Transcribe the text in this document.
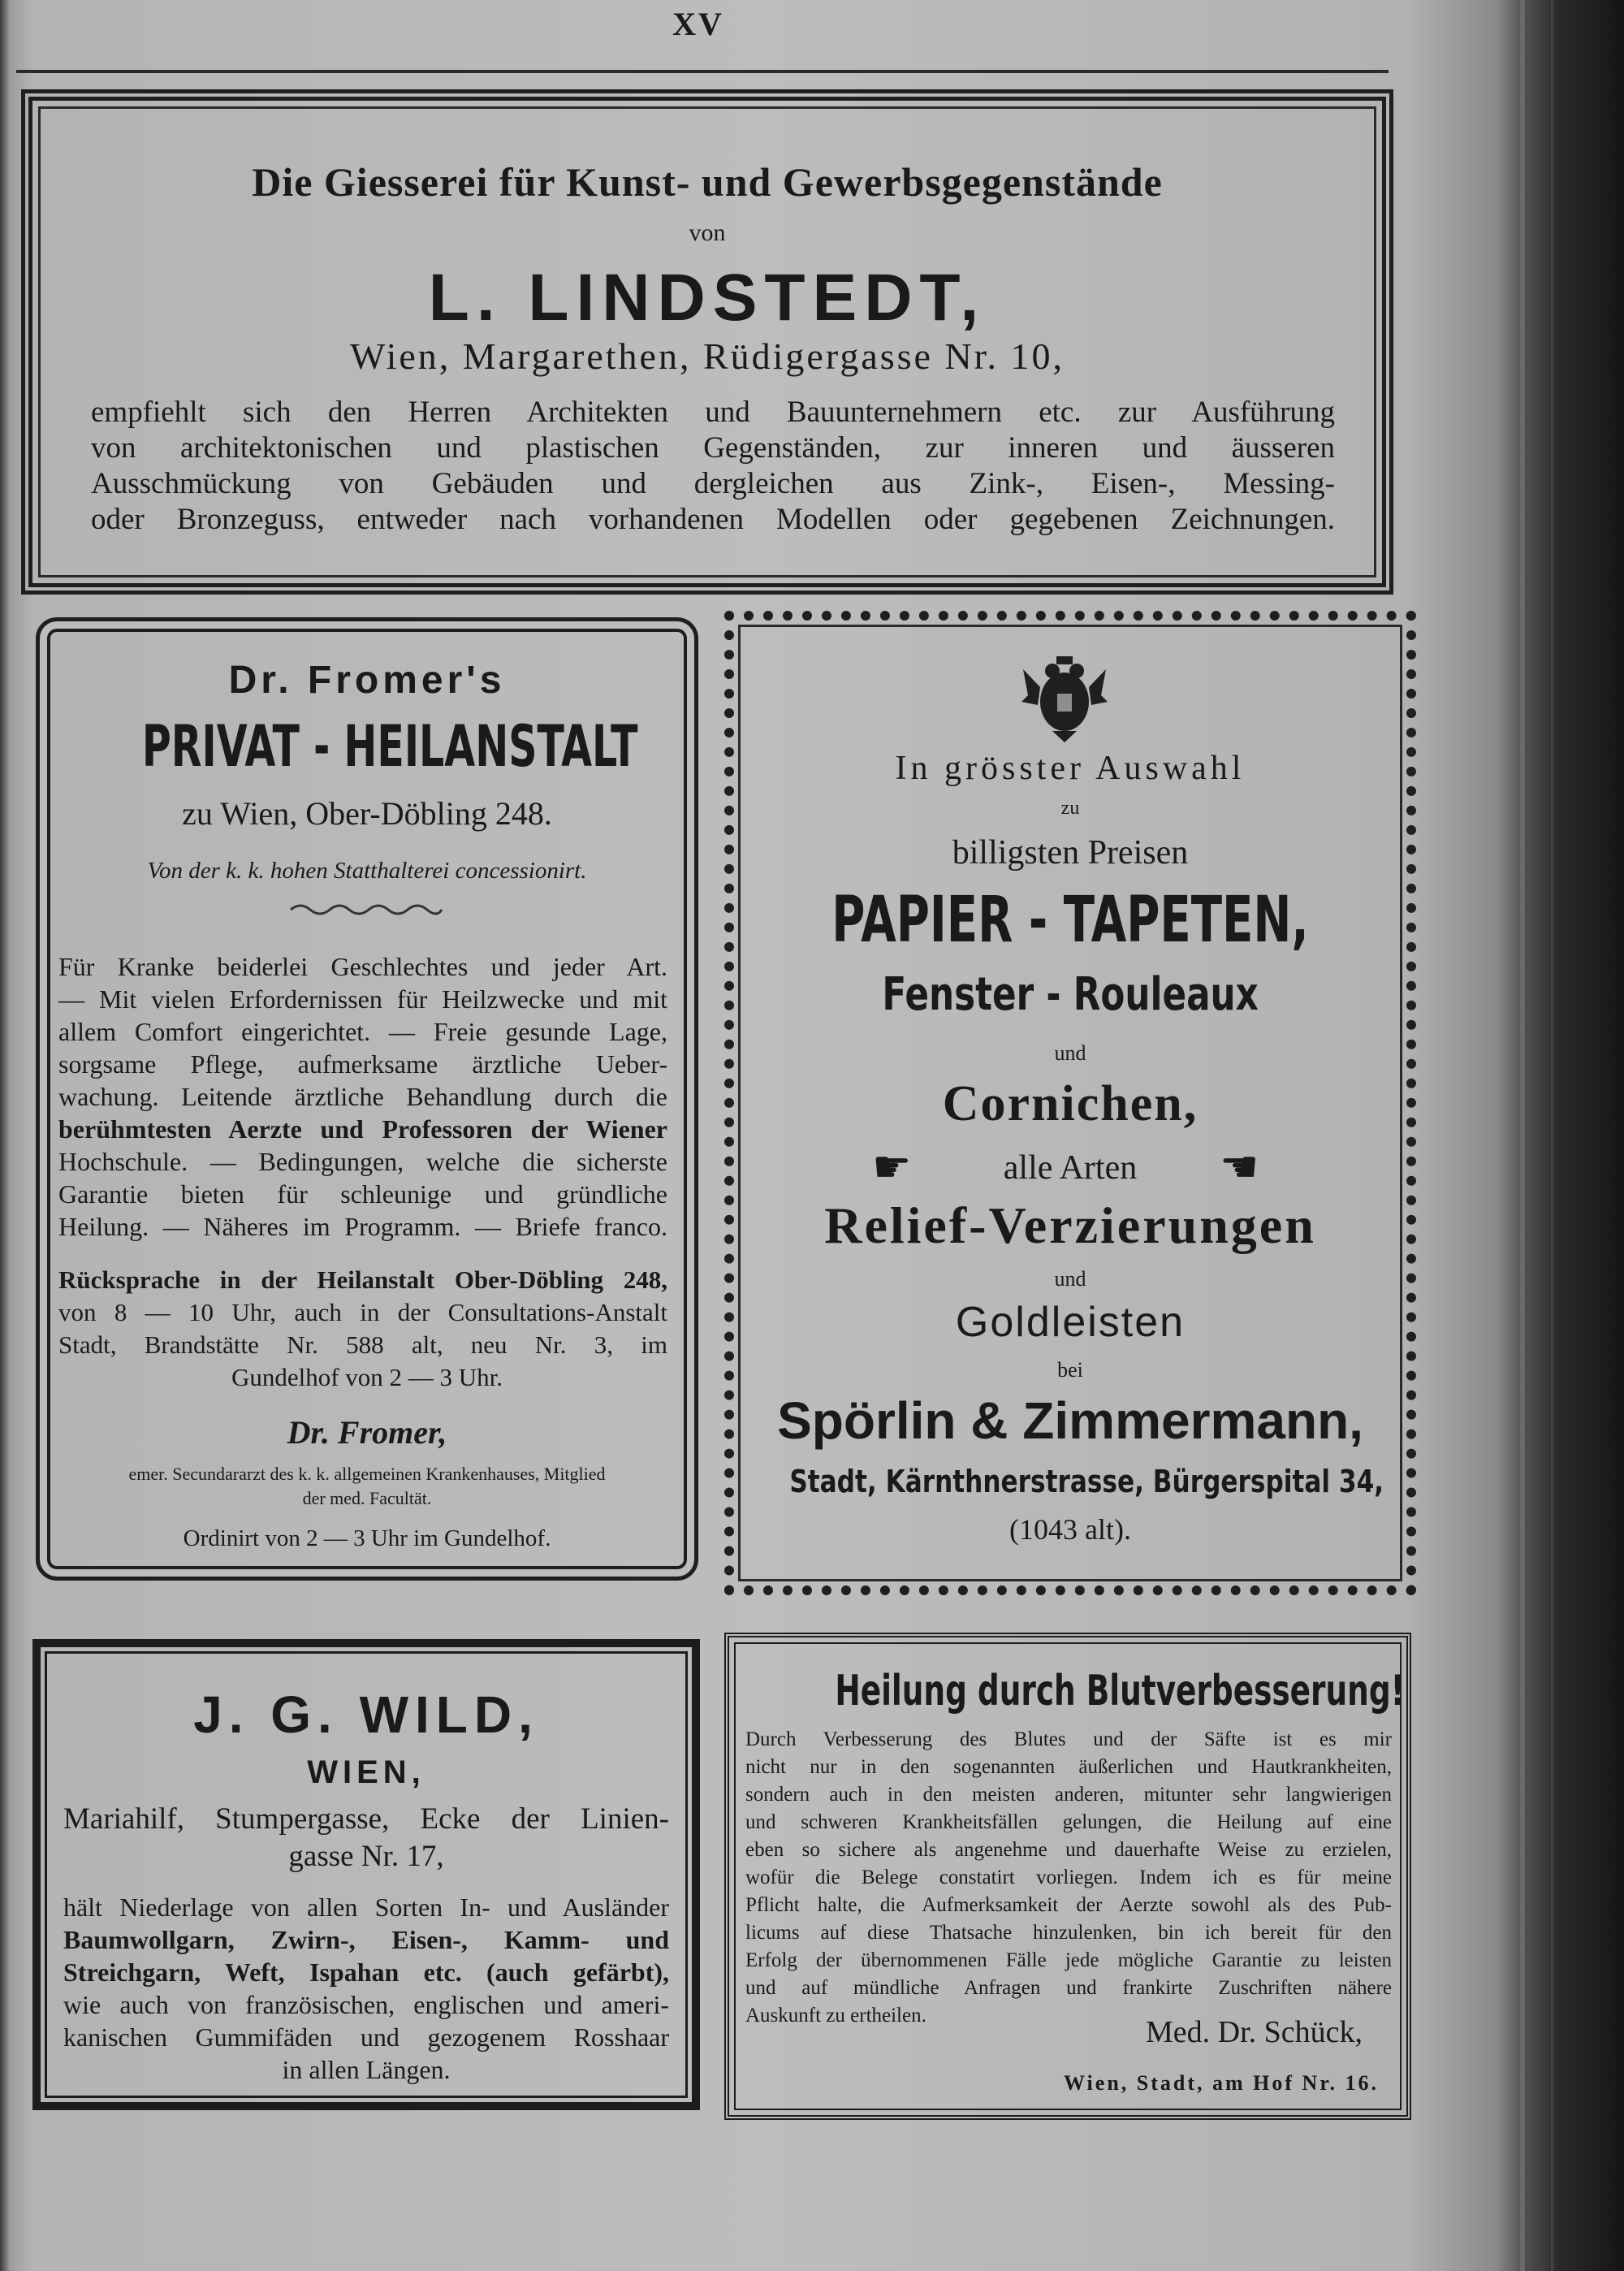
XV
Die Giesserei für Kunst- und Gewerbsgegenstände
von
L. LINDSTEDT,
Wien, Margarethen, Rüdigergasse Nr. 10,
empfiehlt sich den Herren Architekten und Bauunternehmern etc. zur Ausführung
von architektonischen und plastischen Gegenständen, zur inneren und äusseren
Ausschmückung von Gebäuden und dergleichen aus Zink-, Eisen-, Messing-
oder Bronzeguss, entweder nach vorhandenen Modellen oder gegebenen Zeichnungen.
Dr. Fromer's
PRIVAT - HEILANSTALT
zu Wien, Ober-Döbling 248.
Von der k. k. hohen Statthalterei concessionirt.
Für Kranke beiderlei Geschlechtes und jeder Art.
— Mit vielen Erfordernissen für Heilzwecke und mit
allem Comfort eingerichtet. — Freie gesunde Lage,
sorgsame Pflege, aufmerksame ärztliche Ueber-
wachung. Leitende ärztliche Behandlung durch die
berühmtesten Aerzte und Professoren der Wiener
Hochschule. — Bedingungen, welche die sicherste
Garantie bieten für schleunige und gründliche
Heilung. — Näheres im Programm. — Briefe franco.
Rücksprache in der Heilanstalt Ober-Döbling 248,
von 8 — 10 Uhr, auch in der Consultations-Anstalt
Stadt, Brandstätte Nr. 588 alt, neu Nr. 3, im
Gundelhof von 2 — 3 Uhr.
Dr. Fromer,
emer. Secundararzt des k. k. allgemeinen Krankenhauses, Mitglied
der med. Facultät.
Ordinirt von 2 — 3 Uhr im Gundelhof.
In grösster Auswahl
zu
billigsten Preisen
PAPIER - TAPETEN,
Fenster - Rouleaux
und
Cornichen,
☛	alle Arten	☚
Relief-Verzierungen
und
Goldleisten
bei
Spörlin & Zimmermann,
Stadt, Kärnthnerstrasse, Bürgerspital 34,
(1043 alt).
J. G. WILD,
WIEN,
Mariahilf, Stumpergasse, Ecke der Linien-
gasse Nr. 17,
hält Niederlage von allen Sorten In- und Ausländer
Baumwollgarn, Zwirn-, Eisen-, Kamm- und
Streichgarn, Weft, Ispahan etc. (auch gefärbt),
wie auch von französischen, englischen und ameri-
kanischen Gummifäden und gezogenem Rosshaar
in allen Längen.
Heilung durch Blutverbesserung!
Durch Verbesserung des Blutes und der Säfte ist es mir
nicht nur in den sogenannten äußerlichen und Hautkrankheiten,
sondern auch in den meisten anderen, mitunter sehr langwierigen
und schweren Krankheitsfällen gelungen, die Heilung auf eine
eben so sichere als angenehme und dauerhafte Weise zu erzielen,
wofür die Belege constatirt vorliegen. Indem ich es für meine
Pflicht halte, die Aufmerksamkeit der Aerzte sowohl als des Pub-
licums auf diese Thatsache hinzulenken, bin ich bereit für den
Erfolg der übernommenen Fälle jede mögliche Garantie zu leisten
und auf mündliche Anfragen und frankirte Zuschriften nähere
Auskunft zu ertheilen.	Med. Dr. Schück,
Wien, Stadt, am Hof Nr. 16.
